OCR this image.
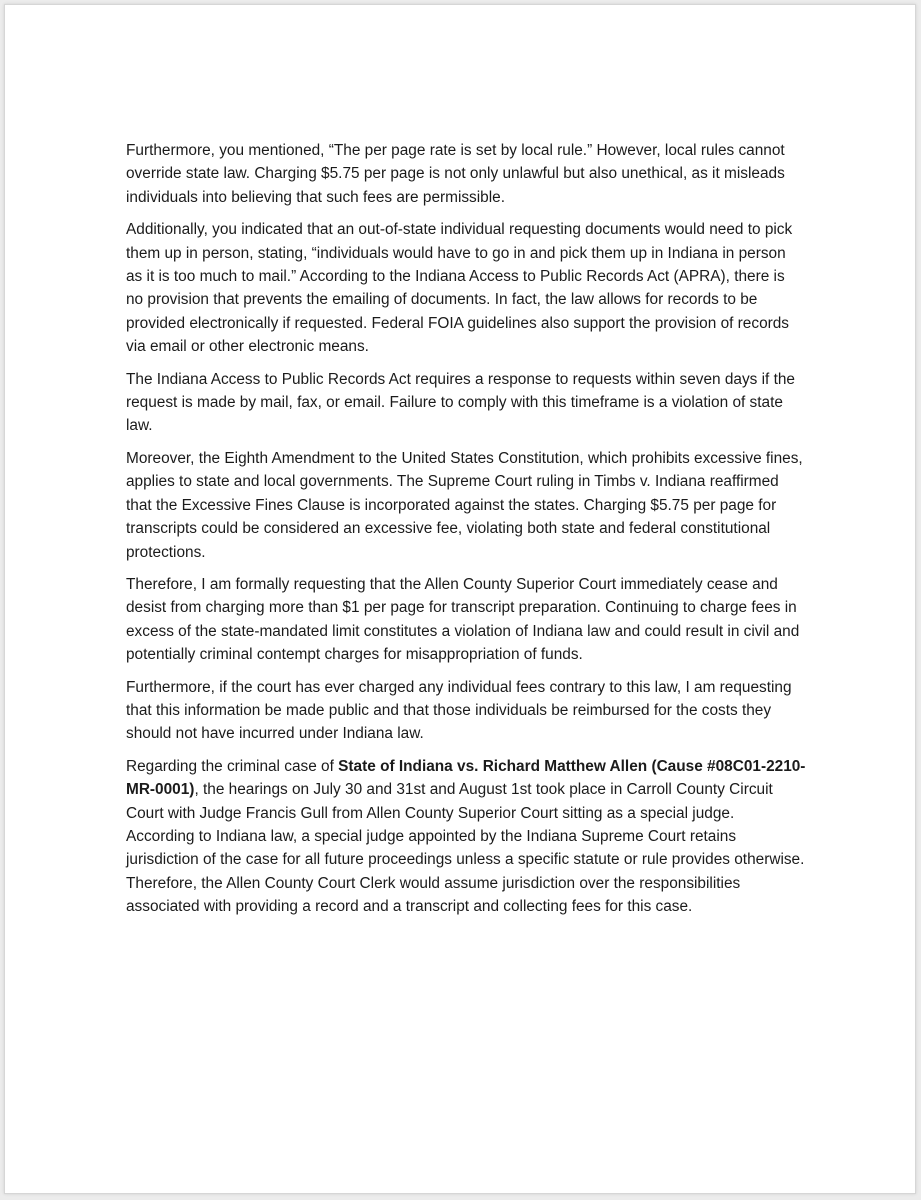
Furthermore, you mentioned, “The per page rate is set by local rule.” However, local rules cannot override state law. Charging $5.75 per page is not only unlawful but also unethical, as it misleads individuals into believing that such fees are permissible.

Additionally, you indicated that an out-of-state individual requesting documents would need to pick them up in person, stating, “individuals would have to go in and pick them up in Indiana in person as it is too much to mail.” According to the Indiana Access to Public Records Act (APRA), there is no provision that prevents the emailing of documents. In fact, the law allows for records to be provided electronically if requested. Federal FOIA guidelines also support the provision of records via email or other electronic means.

The Indiana Access to Public Records Act requires a response to requests within seven days if the request is made by mail, fax, or email. Failure to comply with this timeframe is a violation of state law.

Moreover, the Eighth Amendment to the United States Constitution, which prohibits excessive fines, applies to state and local governments. The Supreme Court ruling in Timbs v. Indiana reaffirmed that the Excessive Fines Clause is incorporated against the states. Charging $5.75 per page for transcripts could be considered an excessive fee, violating both state and federal constitutional protections.

Therefore, I am formally requesting that the Allen County Superior Court immediately cease and desist from charging more than $1 per page for transcript preparation. Continuing to charge fees in excess of the state-mandated limit constitutes a violation of Indiana law and could result in civil and potentially criminal contempt charges for misappropriation of funds.

Furthermore, if the court has ever charged any individual fees contrary to this law, I am requesting that this information be made public and that those individuals be reimbursed for the costs they should not have incurred under Indiana law.

Regarding the criminal case of State of Indiana vs. Richard Matthew Allen (Cause #08C01-2210-MR-0001), the hearings on July 30 and 31st and August 1st took place in Carroll County Circuit Court with Judge Francis Gull from Allen County Superior Court sitting as a special judge. According to Indiana law, a special judge appointed by the Indiana Supreme Court retains jurisdiction of the case for all future proceedings unless a specific statute or rule provides otherwise. Therefore, the Allen County Court Clerk would assume jurisdiction over the responsibilities associated with providing a record and a transcript and collecting fees for this case.
